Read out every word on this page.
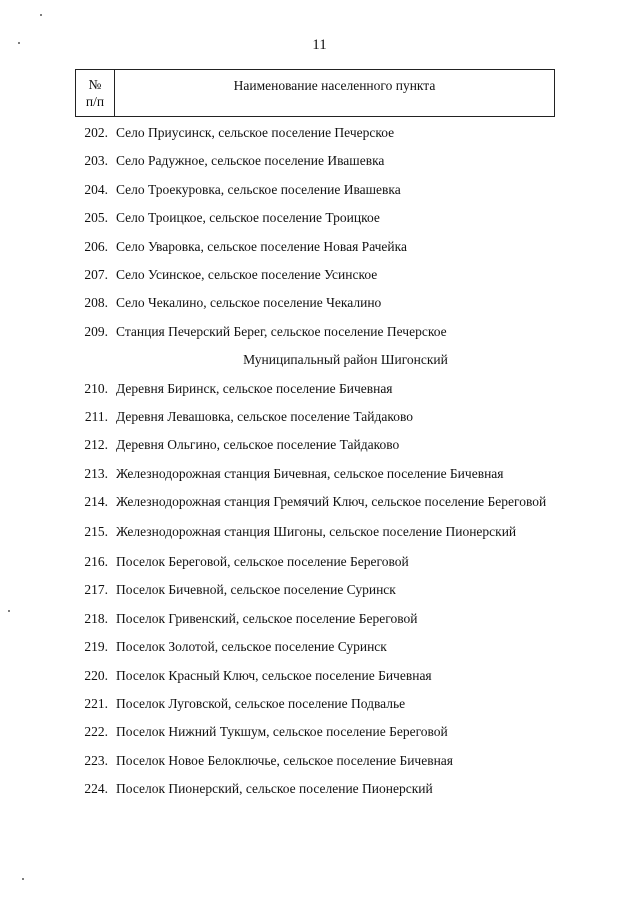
11
№
п/п
Наименование населенного пункта
202. Село Приусинск, сельское поселение Печерское
203. Село Радужное, сельское поселение Ивашевка
204. Село Троекуровка, сельское поселение Ивашевка
205. Село Троицкое, сельское поселение Троицкое
206. Село Уваровка, сельское поселение Новая Рачейка
207. Село Усинское, сельское поселение Усинское
208. Село Чекалино, сельское поселение Чекалино
209. Станция Печерский Берег, сельское поселение Печерское
Муниципальный район Шигонский
210. Деревня Биринск, сельское поселение Бичевная
211. Деревня Левашовка, сельское поселение Тайдаково
212. Деревня Ольгино, сельское поселение Тайдаково
213. Железнодорожная станция Бичевная, сельское поселение Бичевная
214. Железнодорожная станция Гремячий Ключ, сельское поселение Береговой
215. Железнодорожная станция Шигоны, сельское поселение Пионерский
216. Поселок Береговой, сельское поселение Береговой
217. Поселок Бичевной, сельское поселение Суринск
218. Поселок Гривенский, сельское поселение Береговой
219. Поселок Золотой, сельское поселение Суринск
220. Поселок Красный Ключ, сельское поселение Бичевная
221. Поселок Луговской, сельское поселение Подвалье
222. Поселок Нижний Тукшум, сельское поселение Береговой
223. Поселок Новое Белоключье, сельское поселение Бичевная
224. Поселок Пионерский, сельское поселение Пионерский
